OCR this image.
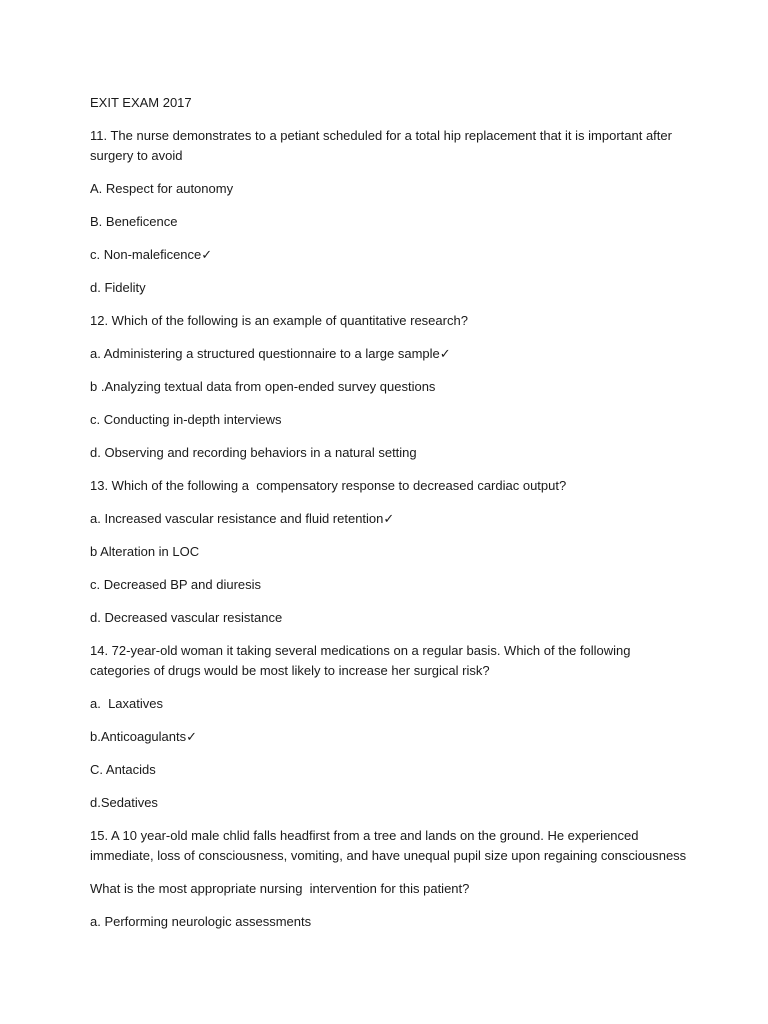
EXIT EXAM 2017

11. The nurse demonstrates to a petiant scheduled for a total hip replacement that it is important after surgery to avoid

A. Respect for autonomy

B. Beneficence

c. Non-maleficence✓

d. Fidelity

12. Which of the following is an example of quantitative research?

a. Administering a structured questionnaire to a large sample✓

b .Analyzing textual data from open-ended survey questions

c. Conducting in-depth interviews

d. Observing and recording behaviors in a natural setting

13. Which of the following a  compensatory response to decreased cardiac output?

a. Increased vascular resistance and fluid retention✓

b Alteration in LOC

c. Decreased BP and diuresis

d. Decreased vascular resistance

14. 72-year-old woman it taking several medications on a regular basis. Which of the following categories of drugs would be most likely to increase her surgical risk?

a.  Laxatives

b.Anticoagulants✓

C. Antacids

d.Sedatives

15. A 10 year-old male chlid falls headfirst from a tree and lands on the ground. He experienced immediate, loss of consciousness, vomiting, and have unequal pupil size upon regaining consciousness

What is the most appropriate nursing  intervention for this patient?

a. Performing neurologic assessments
